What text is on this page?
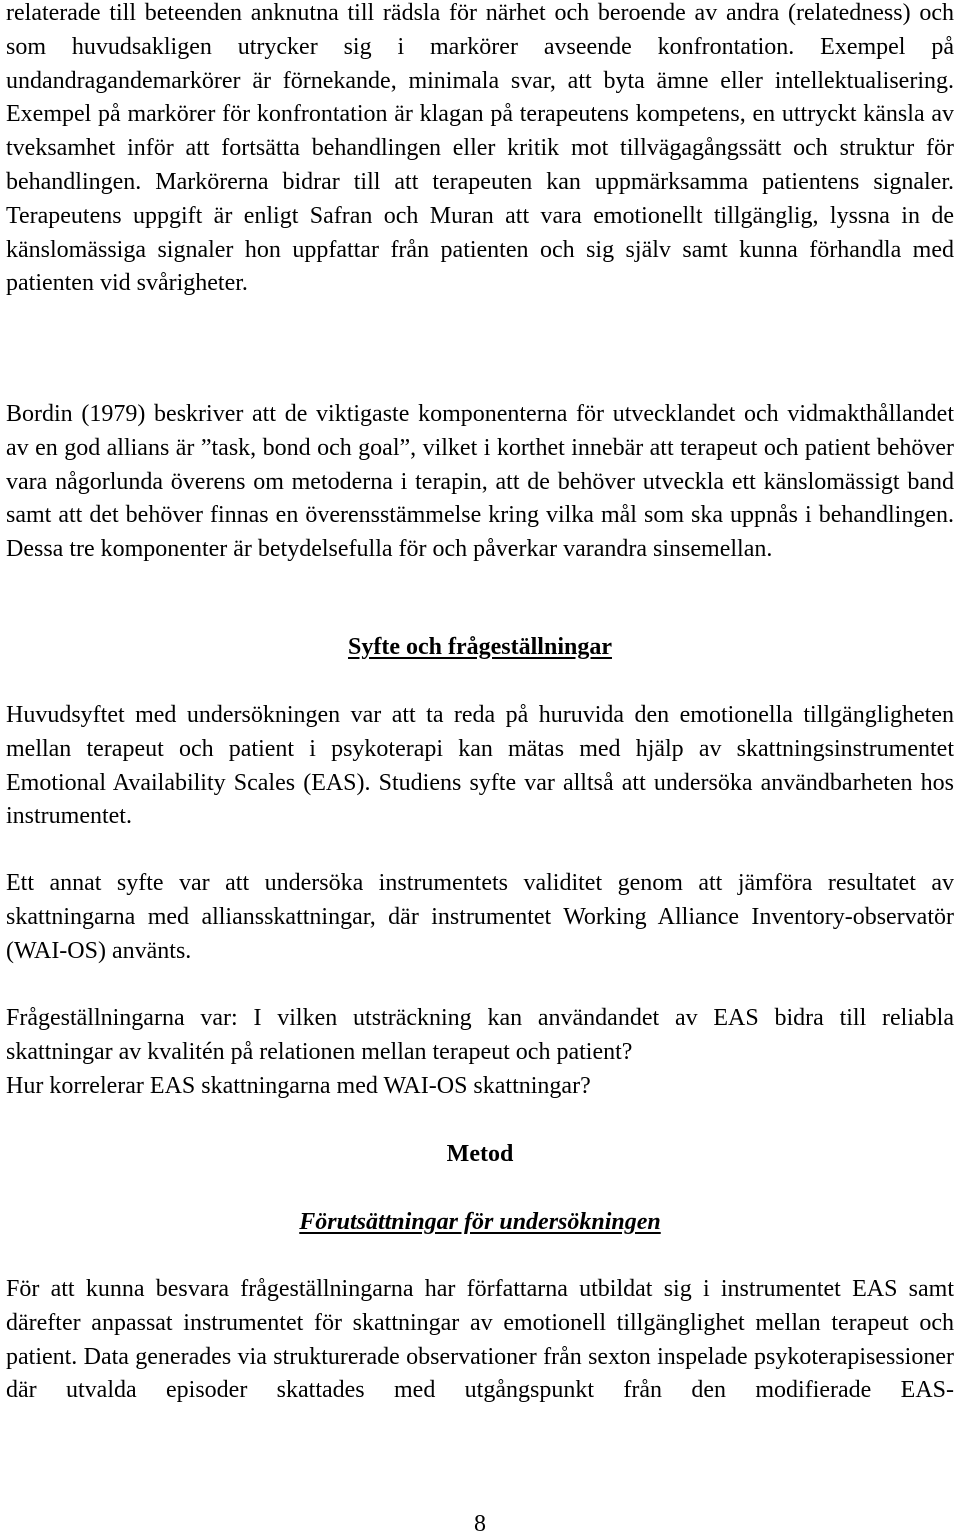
relaterade till beteenden anknutna till rädsla för närhet och beroende av andra (relatedness) och som huvudsakligen utrycker sig i markörer avseende konfrontation. Exempel på undandragandemarkörer är förnekande, minimala svar, att byta ämne eller intellektualisering. Exempel på markörer för konfrontation är klagan på terapeutens kompetens, en uttryckt känsla av tveksamhet inför att fortsätta behandlingen eller kritik mot tillvägagångssätt och struktur för behandlingen. Markörerna bidrar till att terapeuten kan uppmärksamma patientens signaler. Terapeutens uppgift är enligt Safran och Muran att vara emotionellt tillgänglig, lyssna in de känslomässiga signaler hon uppfattar från patienten och sig själv samt kunna förhandla med patienten vid svårigheter.

Bordin (1979) beskriver att de viktigaste komponenterna för utvecklandet och vidmakthållandet av en god allians är ”task, bond och goal”, vilket i korthet innebär att terapeut och patient behöver vara någorlunda överens om metoderna i terapin, att de behöver utveckla ett känslomässigt band samt att det behöver finnas en överensstämmelse kring vilka mål som ska uppnås i behandlingen. Dessa tre komponenter är betydelsefulla för och påverkar varandra sinsemellan.

Syfte och frågeställningar

Huvudsyftet med undersökningen var att ta reda på huruvida den emotionella tillgängligheten mellan terapeut och patient i psykoterapi kan mätas med hjälp av skattningsinstrumentet Emotional Availability Scales (EAS). Studiens syfte var alltså att undersöka användbarheten hos instrumentet.

Ett annat syfte var att undersöka instrumentets validitet genom att jämföra resultatet av skattningarna med alliansskattningar, där instrumentet Working Alliance Inventory-observatör (WAI-OS) använts.

Frågeställningarna var: I vilken utsträckning kan användandet av EAS bidra till reliabla skattningar av kvalitén på relationen mellan terapeut och patient?
Hur korrelerar EAS skattningarna med WAI-OS skattningar?
Metod
Förutsättningar för undersökningen

För att kunna besvara frågeställningarna har författarna utbildat sig i instrumentet EAS samt därefter anpassat instrumentet för skattningar av emotionell tillgänglighet mellan terapeut och patient. Data generades via strukturerade observationer från sexton inspelade psykoterapisessioner där utvalda episoder skattades med utgångspunkt från den modifierade EAS-

8
